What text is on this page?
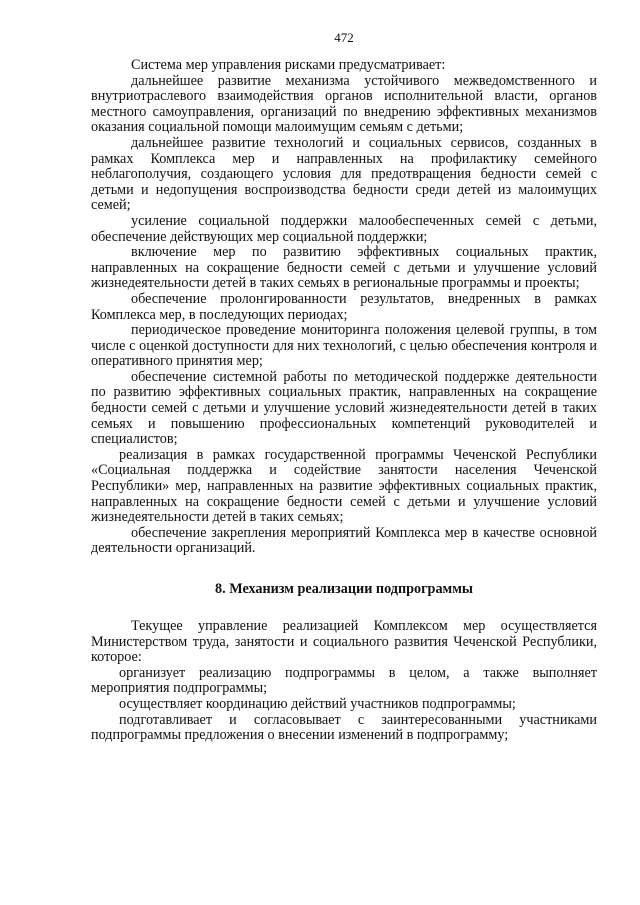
472

Система мер управления рисками предусматривает:

дальнейшее развитие механизма устойчивого межведомственного и внутриотраслевого взаимодействия органов исполнительной власти, органов местного самоуправления, организаций по внедрению эффективных механизмов оказания социальной помощи малоимущим семьям с детьми;

дальнейшее развитие технологий и социальных сервисов, созданных в рамках Комплекса мер и направленных на профилактику семейного неблагополучия, создающего условия для предотвращения бедности семей с детьми и недопущения воспроизводства бедности среди детей из малоимущих семей;

усиление социальной поддержки малообеспеченных семей с детьми, обеспечение действующих мер социальной поддержки;

включение мер по развитию эффективных социальных практик, направленных на сокращение бедности семей с детьми и улучшение условий жизнедеятельности детей в таких семьях в региональные программы и проекты;

обеспечение пролонгированности результатов, внедренных в рамках Комплекса мер, в последующих периодах;

периодическое проведение мониторинга положения целевой группы, в том числе с оценкой доступности для них технологий, с целью обеспечения контроля и оперативного принятия мер;

обеспечение системной работы по методической поддержке деятельности по развитию эффективных социальных практик, направленных на сокращение бедности семей с детьми и улучшение условий жизнедеятельности детей в таких семьях и повышению профессиональных компетенций руководителей и специалистов;

реализация в рамках государственной программы Чеченской Республики «Социальная поддержка и содействие занятости населения Чеченской Республики» мер, направленных на развитие эффективных социальных практик, направленных на сокращение бедности семей с детьми и улучшение условий жизнедеятельности детей в таких семьях;

обеспечение закрепления мероприятий Комплекса мер в качестве основной деятельности организаций.

8. Механизм реализации подпрограммы

Текущее управление реализацией Комплексом мер осуществляется Министерством труда, занятости и социального развития Чеченской Республики, которое:

организует реализацию подпрограммы в целом, а также выполняет мероприятия подпрограммы;

осуществляет координацию действий участников подпрограммы;

подготавливает и согласовывает с заинтересованными участниками подпрограммы предложения о внесении изменений в подпрограмму;
